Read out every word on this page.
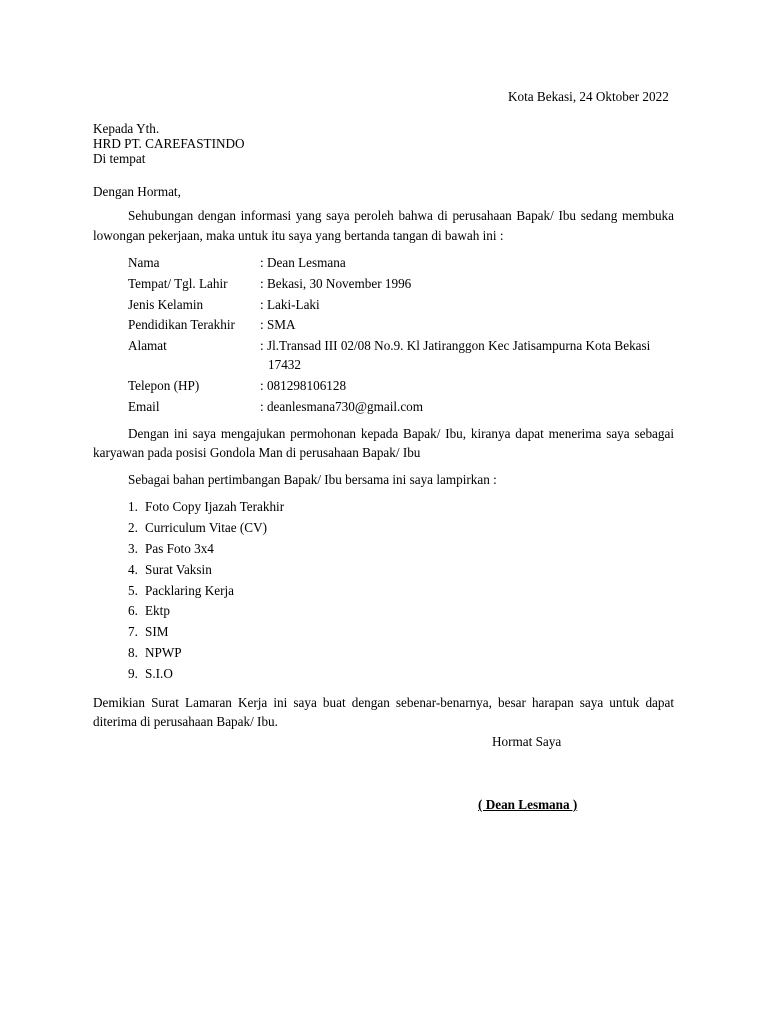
Kota Bekasi, 24 Oktober 2022
Kepada Yth.
HRD PT. CAREFASTINDO
Di tempat
Dengan Hormat,
Sehubungan dengan informasi yang saya peroleh bahwa di perusahaan Bapak/ Ibu sedang membuka
lowongan pekerjaan, maka untuk itu saya yang bertanda tangan di bawah ini :
Nama	: Dean Lesmana
Tempat/ Tgl. Lahir : Bekasi, 30 November 1996
Jenis Kelamin	: Laki-Laki
Pendidikan Terakhir : SMA
Alamat	: Jl.Transad III 02/08 No.9. Kl Jatiranggon Kec Jatisampurna Kota Bekasi
17432
Telepon (HP)	: 081298106128
Email	: deanlesmana730@gmail.com
Dengan ini saya mengajukan permohonan kepada Bapak/ Ibu, kiranya dapat menerima saya sebagai
karyawan pada posisi Gondola Man di perusahaan Bapak/ Ibu
Sebagai bahan pertimbangan Bapak/ Ibu bersama ini saya lampirkan :
1. Foto Copy Ijazah Terakhir
2. Curriculum Vitae (CV)
3. Pas Foto 3x4
4. Surat Vaksin
5. Packlaring Kerja
6. Ektp
7. SIM
8. NPWP
9. S.I.O
Demikian Surat Lamaran Kerja ini saya buat dengan sebenar-benarnya, besar harapan saya untuk dapat
diterima di perusahaan Bapak/ Ibu.
Hormat Saya
( Dean Lesmana )
